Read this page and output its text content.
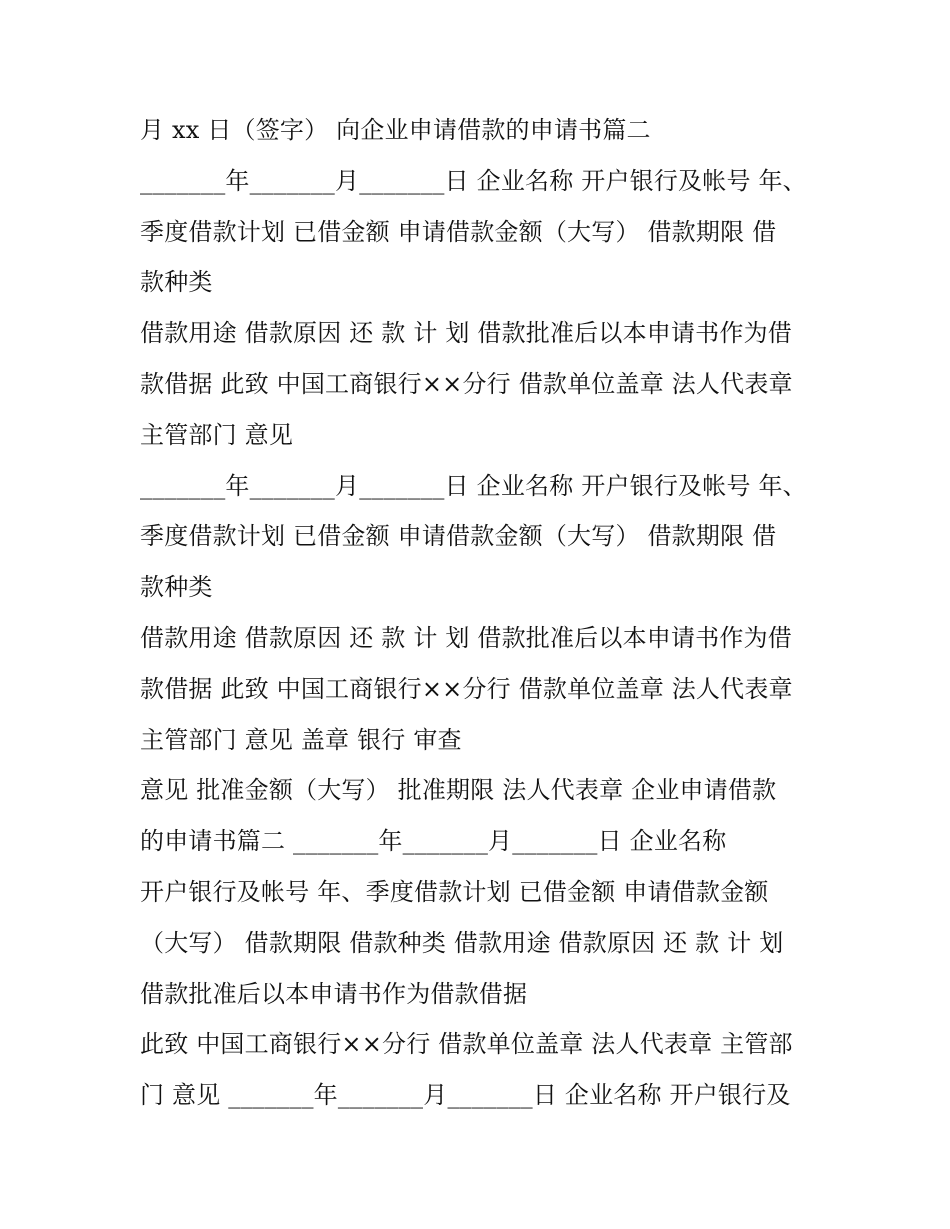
月 xx 日（签字） 向企业申请借款的申请书篇二
_______年_______月_______日 企业名称 开户银行及帐号 年、
季度借款计划 已借金额 申请借款金额（大写） 借款期限 借
款种类
借款用途 借款原因 还 款 计 划 借款批准后以本申请书作为借
款借据 此致 中国工商银行××分行 借款单位盖章 法人代表章
主管部门 意见
_______年_______月_______日 企业名称 开户银行及帐号 年、
季度借款计划 已借金额 申请借款金额（大写） 借款期限 借
款种类
借款用途 借款原因 还 款 计 划 借款批准后以本申请书作为借
款借据 此致 中国工商银行××分行 借款单位盖章 法人代表章
主管部门 意见 盖章 银行 审查
意见 批准金额（大写） 批准期限 法人代表章 企业申请借款
的申请书篇二 _______年_______月_______日 企业名称
开户银行及帐号 年、季度借款计划 已借金额 申请借款金额
（大写） 借款期限 借款种类 借款用途 借款原因 还 款 计 划
借款批准后以本申请书作为借款借据
此致 中国工商银行××分行 借款单位盖章 法人代表章 主管部
门 意见 _______年_______月_______日 企业名称 开户银行及
